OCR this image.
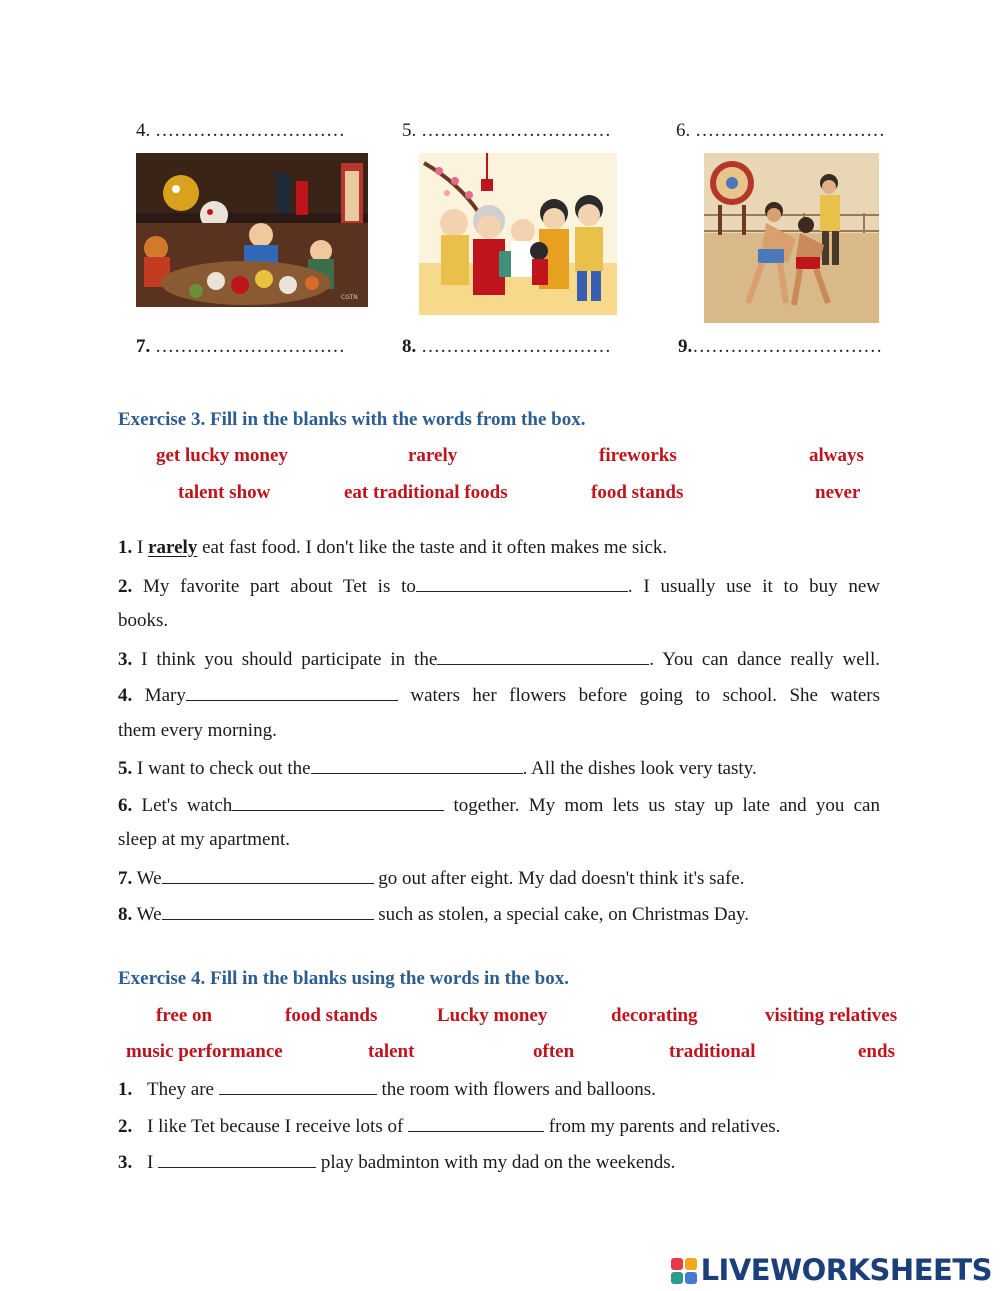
4. …………………………	5. …………………………	6. …………………………
CGTN
7. …………………………	8. …………………………	9.…………………………
Exercise 3. Fill in the blanks with the words from the box.
get lucky money	rarely	fireworks	always
talent show	eat traditional foods	food stands	never
1. I rarely eat fast food. I don't like the taste and it often makes me sick.
2. My favorite part about Tet is to	. I usually use it to buy new
books.
3. I think you should participate in the	. You can dance really well.
4. Mary	waters her flowers before going to school. She waters
them every morning.
5. I want to check out the	. All the dishes look very tasty.
6. Let's watch	together. My mom lets us stay up late and you can
sleep at my apartment.
7. We	go out after eight. My dad doesn't think it's safe.
8. We	such as stolen, a special cake, on Christmas Day.
Exercise 4. Fill in the blanks using the words in the box.
free on	food stands	Lucky money	decorating	visiting relatives
music performance	talent	often	traditional	ends
1. They are	the room with flowers and balloons.
2. I like Tet because I receive lots of	from my parents and relatives.
3. I	play badminton with my dad on the weekends.
LIVEWORKSHEETS
